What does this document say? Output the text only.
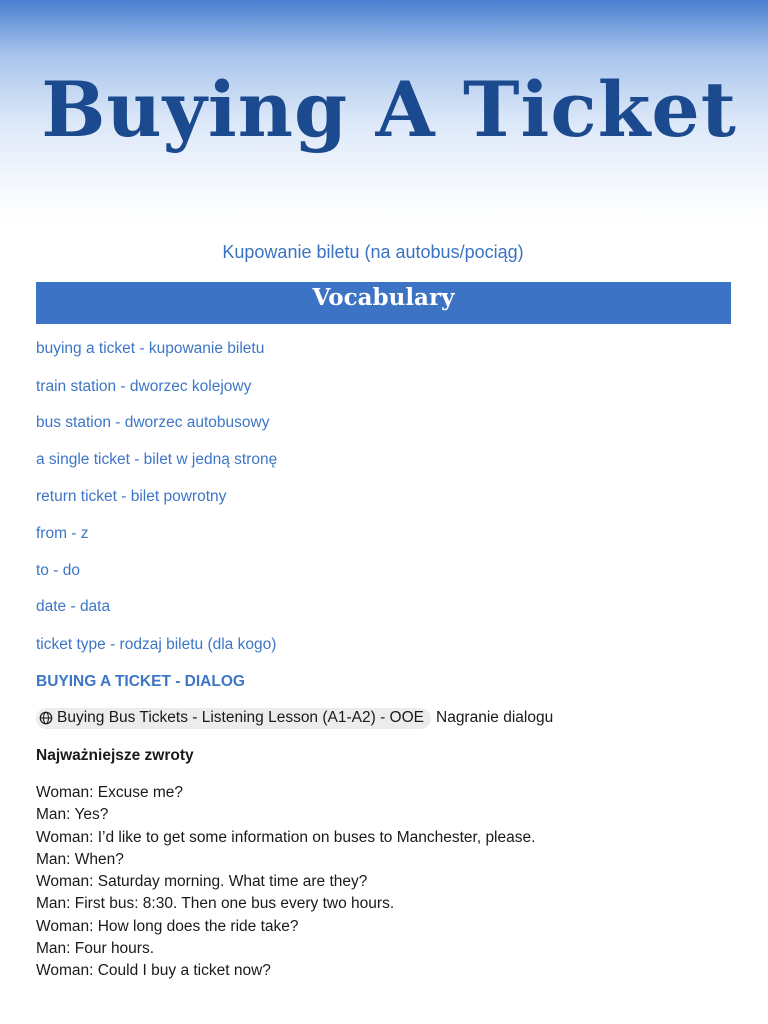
Buying A Ticket

Kupowanie biletu (na autobus/pociąg)

Vocabulary
buying a ticket - kupowanie biletu
train station - dworzec kolejowy
bus station - dworzec autobusowy
a single ticket - bilet w jedną stronę
return ticket - bilet powrotny
from - z
to - do
date - data
ticket type - rodzaj biletu (dla kogo)
BUYING A TICKET - DIALOG
Buying Bus Tickets - Listening Lesson (A1-A2) - OOE Nagranie dialogu
Najważniejsze zwroty
Woman: Excuse me?
Man: Yes?
Woman: I’d like to get some information on buses to Manchester, please.
Man: When?
Woman: Saturday morning. What time are they?
Man: First bus: 8:30. Then one bus every two hours.
Woman: How long does the ride take?
Man: Four hours.
Woman: Could I buy a ticket now?
